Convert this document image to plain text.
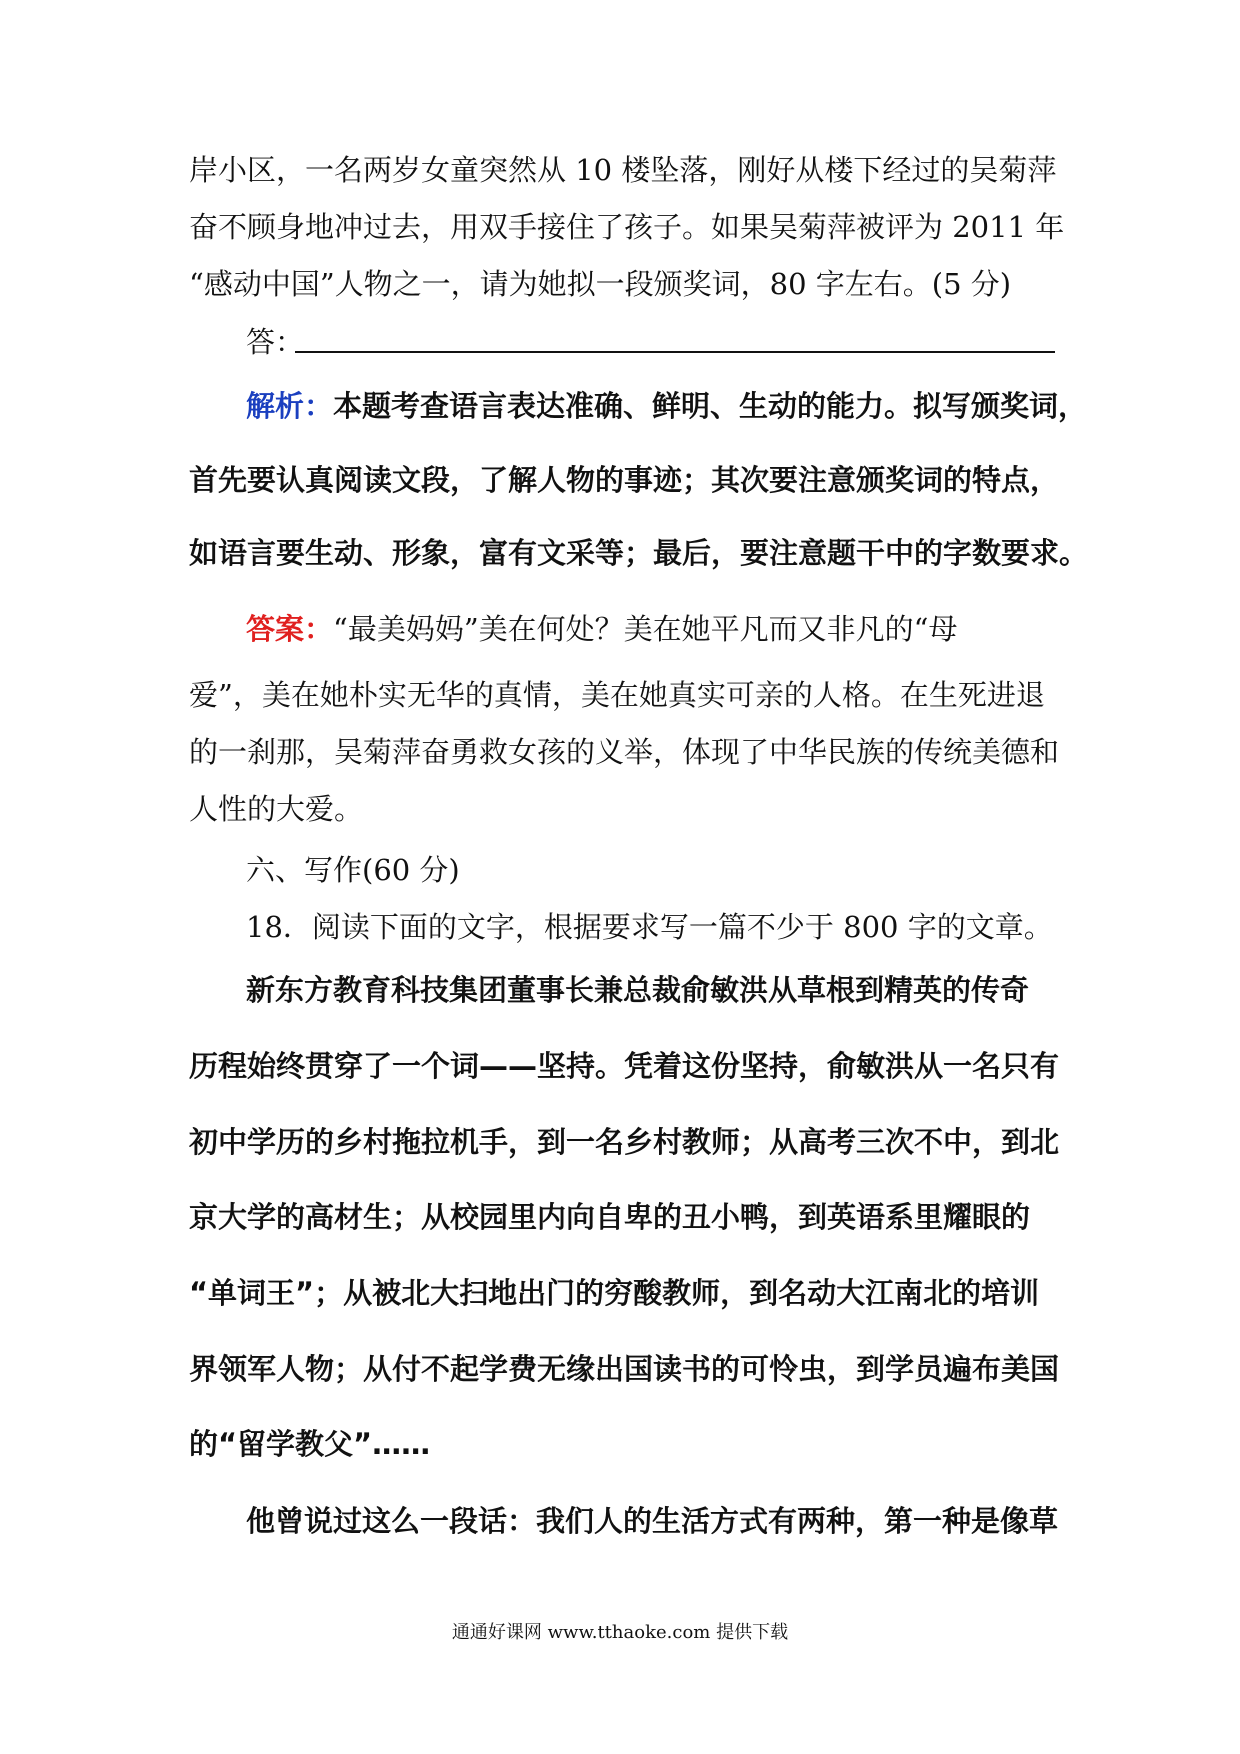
岸小区，一名两岁女童突然从 10 楼坠落，刚好从楼下经过的吴菊萍
奋不顾身地冲过去，用双手接住了孩子。如果吴菊萍被评为 2011 年
“感动中国”人物之一，请为她拟一段颁奖词，80 字左右。(5 分)
答：
解析：本题考查语言表达准确、鲜明、生动的能力。拟写颁奖词，
首先要认真阅读文段，了解人物的事迹；其次要注意颁奖词的特点，
如语言要生动、形象，富有文采等；最后，要注意题干中的字数要求。
答案：“最美妈妈”美在何处？美在她平凡而又非凡的“母
爱”，美在她朴实无华的真情，美在她真实可亲的人格。在生死进退
的一刹那，吴菊萍奋勇救女孩的义举，体现了中华民族的传统美德和
人性的大爱。
六、写作(60 分)
18．阅读下面的文字，根据要求写一篇不少于 800 字的文章。
新东方教育科技集团董事长兼总裁俞敏洪从草根到精英的传奇
历程始终贯穿了一个词——坚持。凭着这份坚持，俞敏洪从一名只有
初中学历的乡村拖拉机手，到一名乡村教师；从高考三次不中，到北
京大学的高材生；从校园里内向自卑的丑小鸭，到英语系里耀眼的
“单词王”；从被北大扫地出门的穷酸教师，到名动大江南北的培训
界领军人物；从付不起学费无缘出国读书的可怜虫，到学员遍布美国
的“留学教父”……
他曾说过这么一段话：我们人的生活方式有两种，第一种是像草
通通好课网 www.tthaoke.com 提供下载
